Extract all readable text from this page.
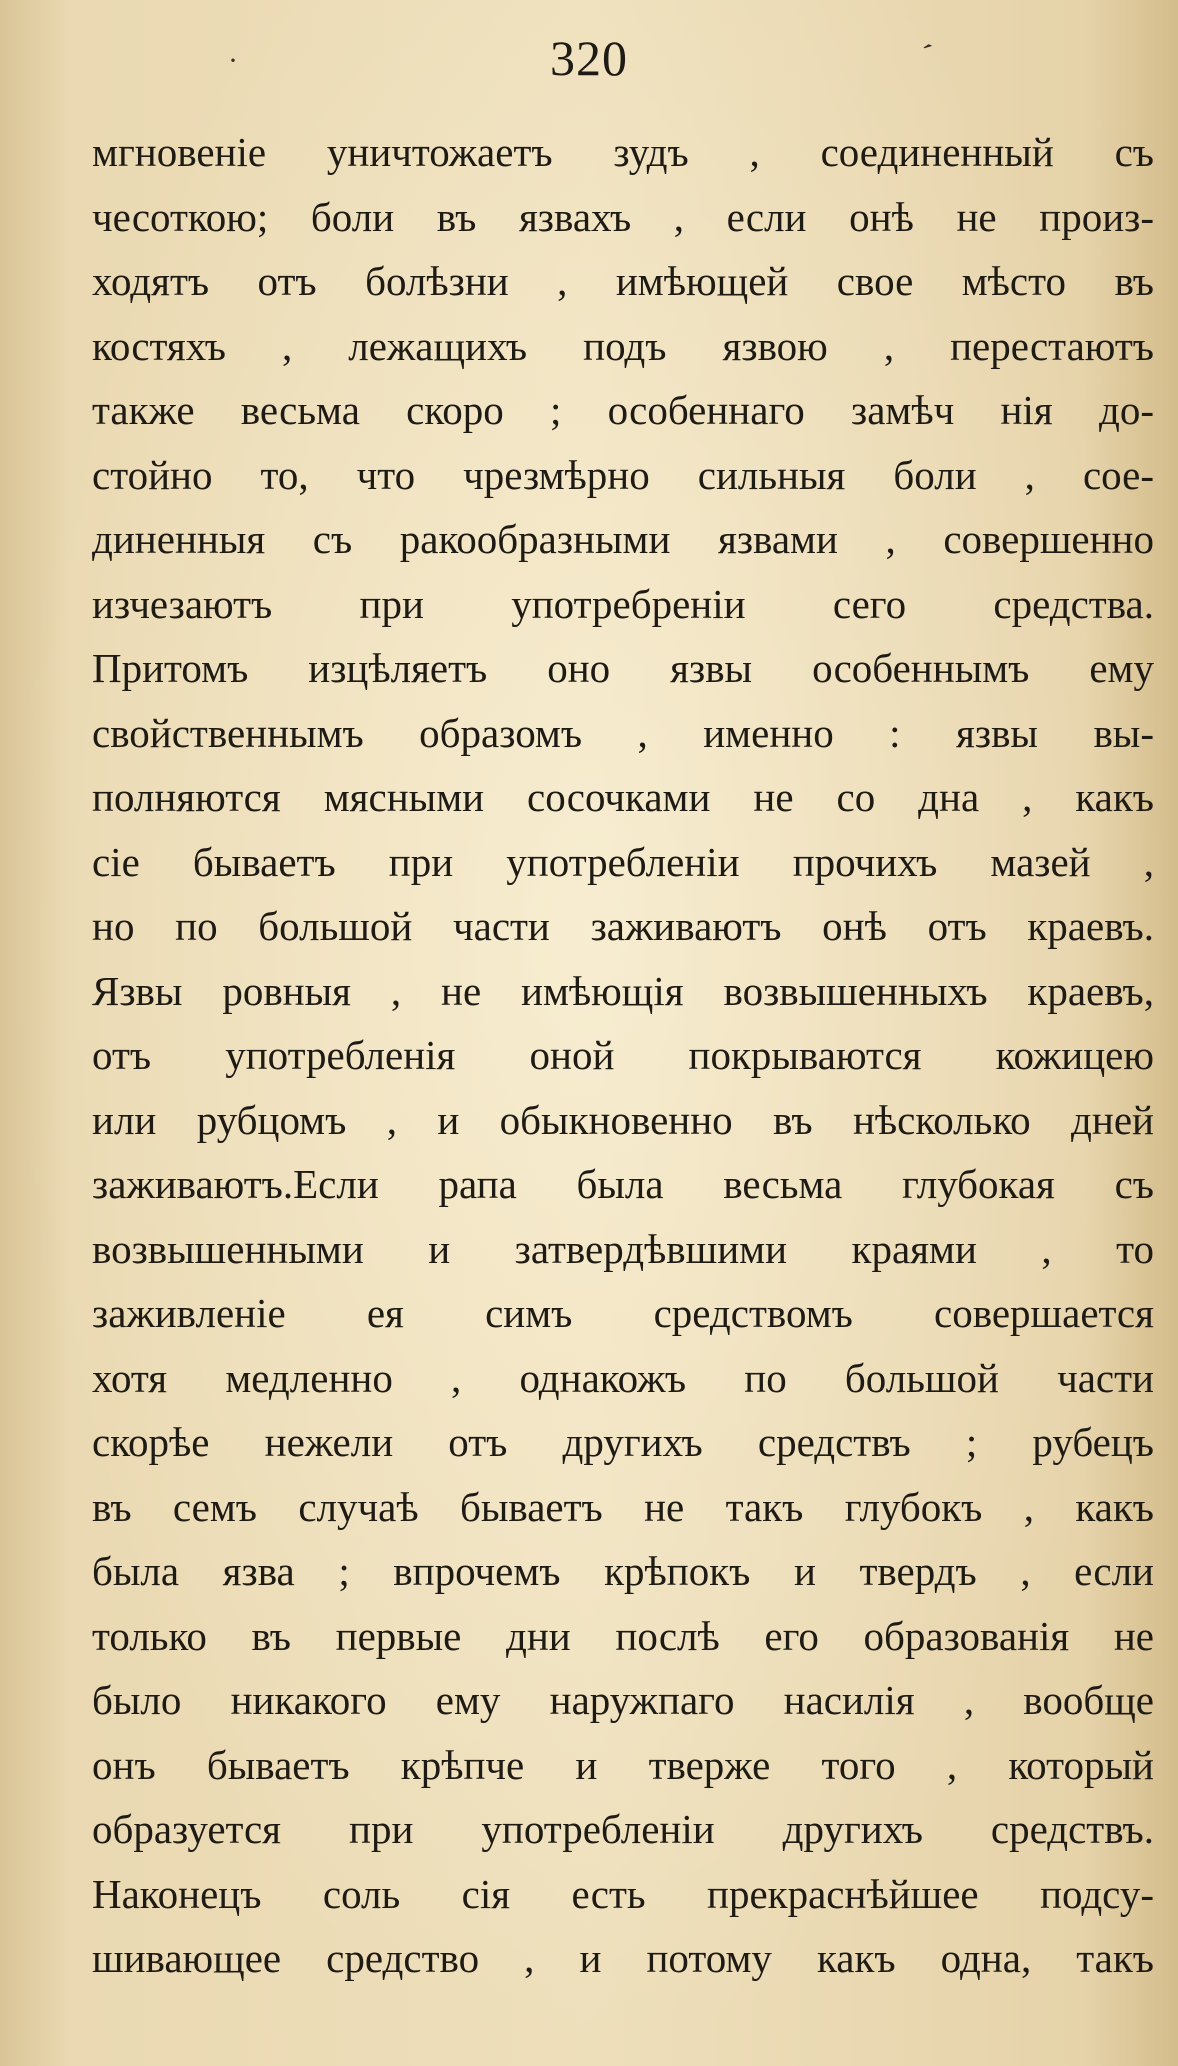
320
·	ˊ
мгновеніе уничтожаетъ зудъ , соединенный съ
чесоткою; боли въ язвахъ , если онѣ не произ-
ходятъ отъ болѣзни , имѣющей свое мѣсто въ
костяхъ , лежащихъ подъ язвою , перестаютъ
также весьма скоро ; особеннаго замѣч нія до-
стойно то, что чрезмѣрно сильныя боли , сое-
диненныя съ ракообразными язвами , совершенно
изчезаютъ при употребреніи сего средства.
Притомъ изцѣляетъ оно язвы особеннымъ ему
свойственнымъ образомъ , именно : язвы вы-
полняются мясными сосочками не со дна , какъ
сіе бываетъ при употребленіи прочихъ мазей ,
но по большой части заживаютъ онѣ отъ краевъ.
Язвы ровныя , не имѣющія возвышенныхъ краевъ,
отъ употребленія оной покрываются кожицею
или рубцомъ , и обыкновенно въ нѣсколько дней
заживаютъ.Если рапа была весьма глубокая съ
возвышенными и затвердѣвшими краями , то
заживленіе ея симъ средствомъ совершается
хотя медленно , однакожъ по большой части
скорѣе нежели отъ другихъ средствъ ; рубецъ
въ семъ случаѣ бываетъ не такъ глубокъ , какъ
была язва ; впрочемъ крѣпокъ и твердъ , если
только въ первые дни послѣ его образованія не
было никакого ему наружпаго насилія , вообще
онъ бываетъ крѣпче и тверже того , который
образуется при употребленіи другихъ средствъ.
Наконецъ соль сія есть прекраснѣйшее подсу-
шивающее средство , и потому какъ одна, такъ
